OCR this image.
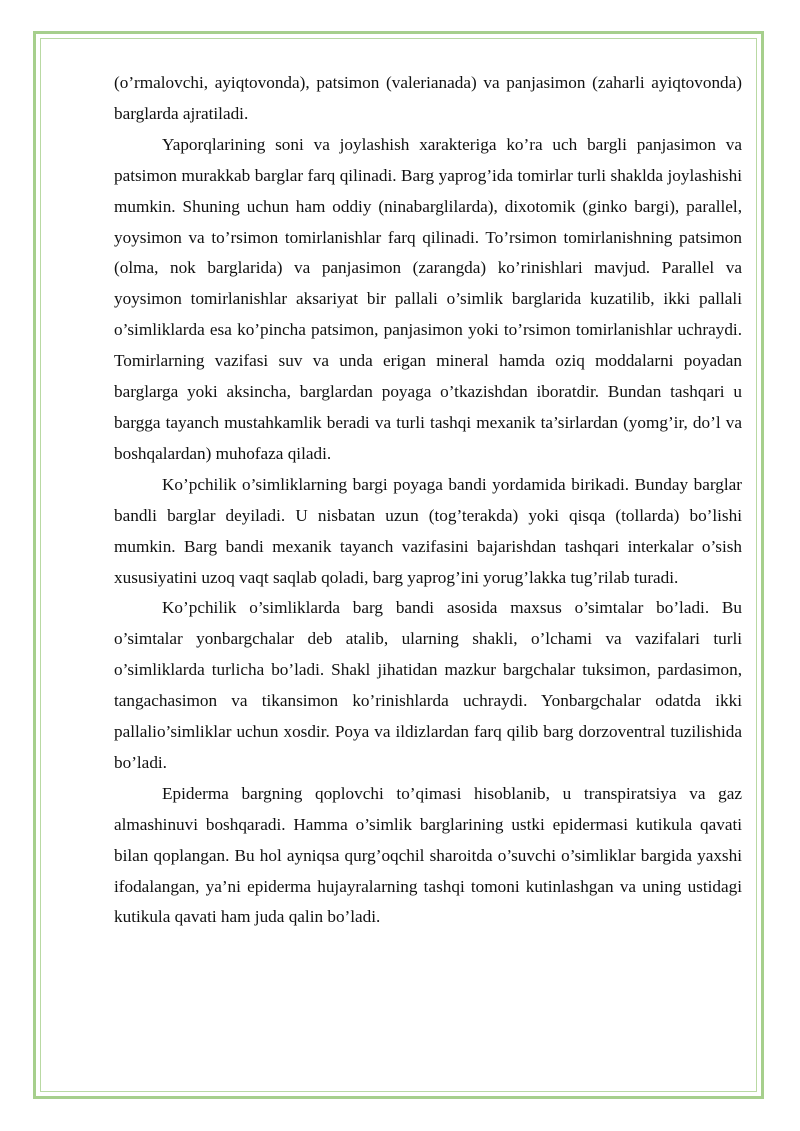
(o’rmalovchi, ayiqtovonda), patsimon (valerianada) va panjasimon (zaharli ayiqtovonda) barglarda ajratiladi.

Yaporqlarining soni va joylashish xarakteriga ko’ra uch bargli panjasimon va patsimon murakkab barglar farq qilinadi. Barg yaprog’ida tomirlar turli shaklda joylashishi mumkin. Shuning uchun ham oddiy (ninabarglilarda), dixotomik (ginko bargi), parallel, yoysimon va to’rsimon tomirlanishlar farq qilinadi. To’rsimon tomirlanishning patsimon (olma, nok barglarida) va panjasimon (zarangda) ko’rinishlari mavjud. Parallel va yoysimon tomirlanishlar aksariyat bir pallali o’simlik barglarida kuzatilib, ikki pallali o’simliklarda esa ko’pincha patsimon, panjasimon yoki to’rsimon tomirlanishlar uchraydi. Tomirlarning vazifasi suv va unda erigan mineral hamda oziq moddalarni poyadan barglarga yoki aksincha, barglardan poyaga o’tkazishdan iboratdir. Bundan tashqari u bargga tayanch mustahkamlik beradi va turli tashqi mexanik ta’sirlardan (yomg’ir, do’l va boshqalardan) muhofaza qiladi.

Ko’pchilik o’simliklarning bargi poyaga bandi yordamida birikadi. Bunday barglar bandli barglar deyiladi. U nisbatan uzun (tog’terakda) yoki qisqa (tollarda) bo’lishi mumkin. Barg bandi mexanik tayanch vazifasini bajarishdan tashqari interkalar o’sish xususiyatini uzoq vaqt saqlab qoladi, barg yaprog’ini yorug’lakka tug’rilab turadi.

Ko’pchilik o’simliklarda barg bandi asosida maxsus o’simtalar bo’ladi. Bu o’simtalar yonbargchalar deb atalib, ularning shakli, o’lchami va vazifalari turli o’simliklarda turlicha bo’ladi. Shakl jihatidan mazkur bargchalar tuksimon, pardasimon, tangachasimon va tikansimon ko’rinishlarda uchraydi. Yonbargchalar odatda ikki pallalio’simliklar uchun xosdir. Poya va ildizlardan farq qilib barg dorzoventral tuzilishida bo’ladi.

Epiderma bargning qoplovchi to’qimasi hisoblanib, u transpiratsiya va gaz almashinuvi boshqaradi. Hamma o’simlik barglarining ustki epidermasi kutikula qavati bilan qoplangan. Bu hol ayniqsa qurg’oqchil sharoitda o’suvchi o’simliklar bargida yaxshi ifodalangan, ya’ni epiderma hujayralarning tashqi tomoni kutinlashgan va uning ustidagi kutikula qavati ham juda qalin bo’ladi.
